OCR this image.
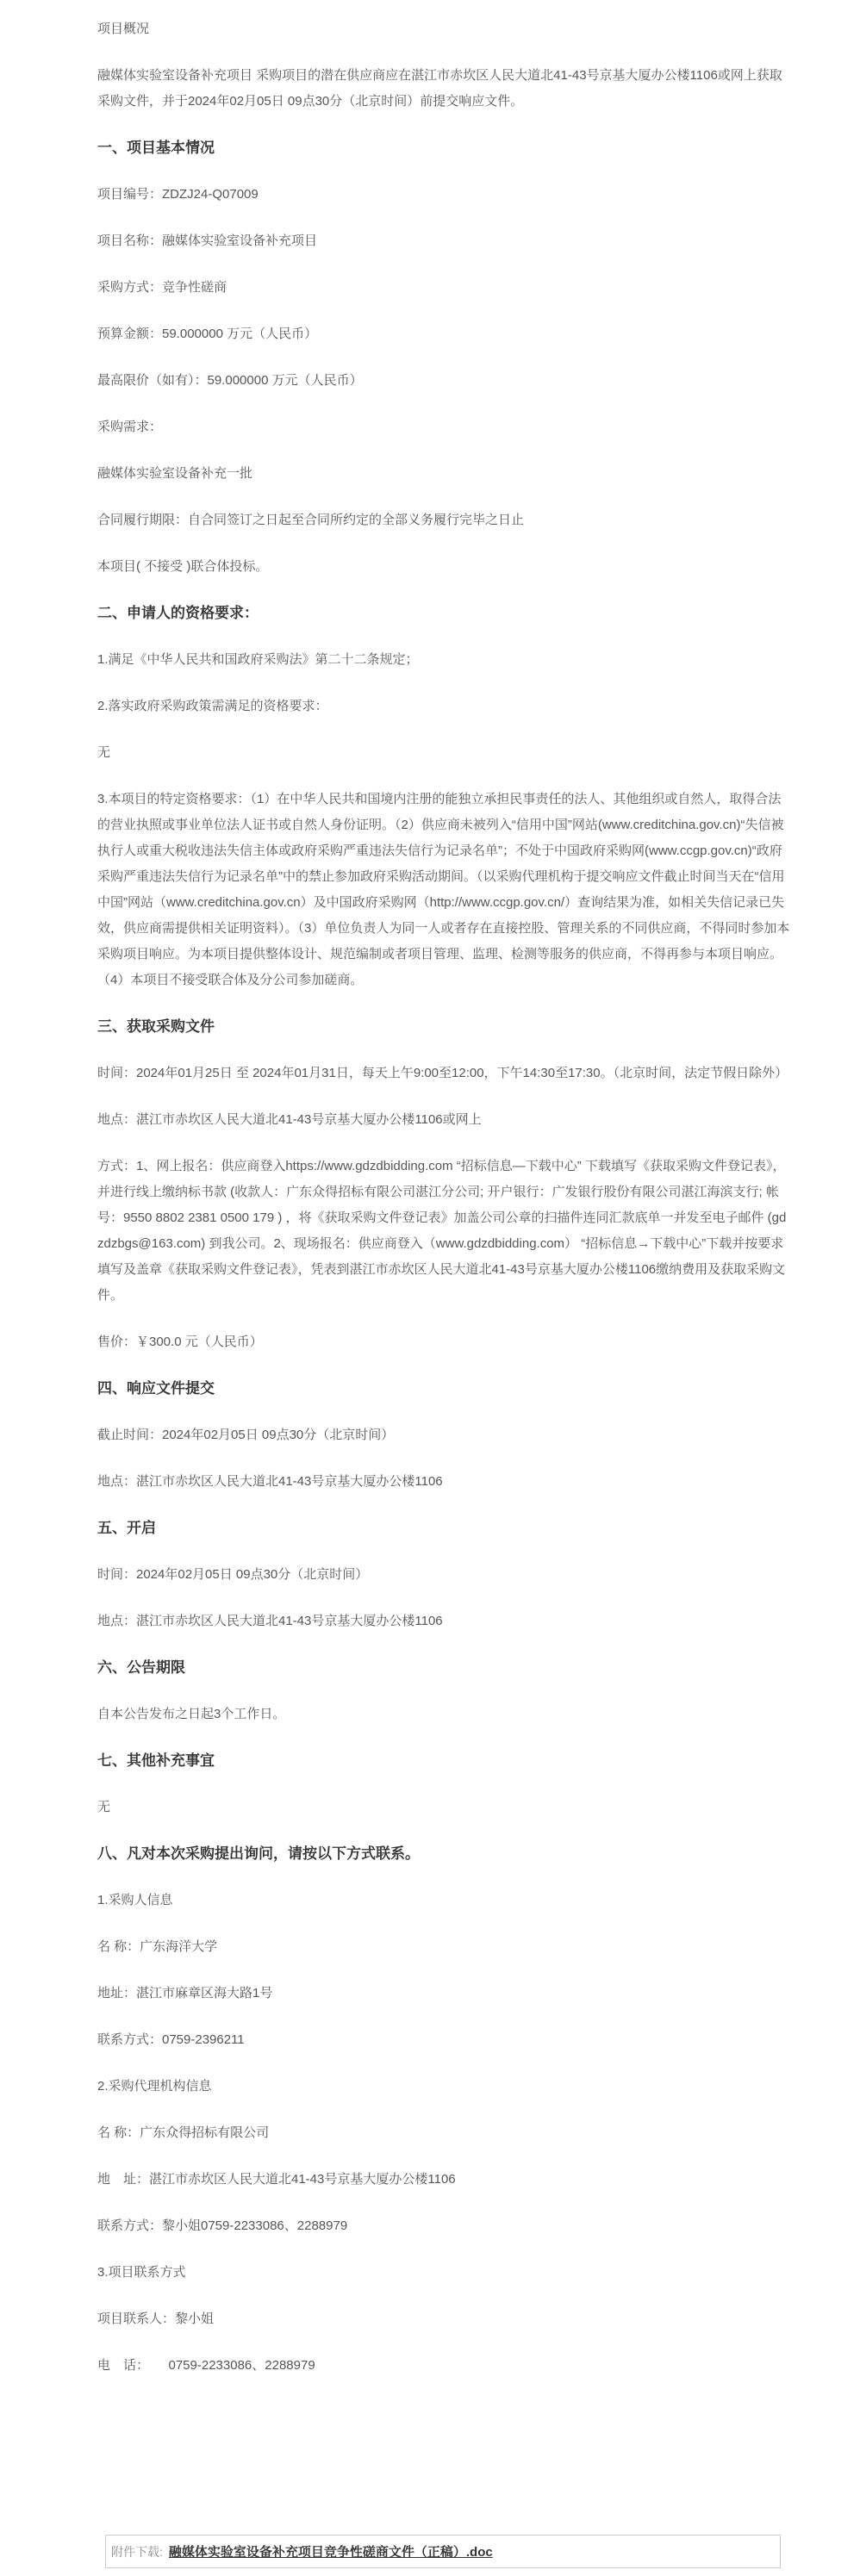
项目概况

融媒体实验室设备补充项目 采购项目的潜在供应商应在湛江市赤坎区人民大道北41-43号京基大厦办公楼1106或网上获取采购文件，并于2024年02月05日 09点30分（北京时间）前提交响应文件。

一、项目基本情况

项目编号：ZDZJ24-Q07009

项目名称：融媒体实验室设备补充项目

采购方式：竞争性磋商

预算金额：59.000000 万元（人民币）

最高限价（如有）：59.000000 万元（人民币）

采购需求：

融媒体实验室设备补充一批

合同履行期限：自合同签订之日起至合同所约定的全部义务履行完毕之日止

本项目( 不接受 )联合体投标。

二、申请人的资格要求：

1.满足《中华人民共和国政府采购法》第二十二条规定；

2.落实政府采购政策需满足的资格要求：

无

3.本项目的特定资格要求：（1）在中华人民共和国境内注册的能独立承担民事责任的法人、其他组织或自然人，取得合法的营业执照或事业单位法人证书或自然人身份证明。（2）供应商未被列入“信用中国”网站(www.creditchina.gov.cn)“失信被执行人或重大税收违法失信主体或政府采购严重违法失信行为记录名单”；不处于中国政府采购网(www.ccgp.gov.cn)“政府采购严重违法失信行为记录名单”中的禁止参加政府采购活动期间。（以采购代理机构于提交响应文件截止时间当天在“信用中国”网站（www.creditchina.gov.cn）及中国政府采购网（http://www.ccgp.gov.cn/）查询结果为准，如相关失信记录已失效，供应商需提供相关证明资料）。（3）单位负责人为同一人或者存在直接控股、管理关系的不同供应商，不得同时参加本采购项目响应。为本项目提供整体设计、规范编制或者项目管理、监理、检测等服务的供应商，不得再参与本项目响应。（4）本项目不接受联合体及分公司参加磋商。

三、获取采购文件

时间：2024年01月25日 至 2024年01月31日，每天上午9:00至12:00，下午14:30至17:30。（北京时间，法定节假日除外）

地点：湛江市赤坎区人民大道北41-43号京基大厦办公楼1106或网上

方式：1、网上报名：供应商登入https://www.gdzdbidding.com “招标信息—下载中心” 下载填写《获取采购文件登记表》，并进行线上缴纳标书款 (收款人：广东众得招标有限公司湛江分公司; 开户银行：广发银行股份有限公司湛江海滨支行; 帐号：9550 8802 2381 0500 179 ) ，将《获取采购文件登记表》加盖公司公章的扫描件连同汇款底单一并发至电子邮件 (gdzdzbgs@163.com) 到我公司。2、现场报名：供应商登入（www.gdzdbidding.com） “招标信息→下载中心”下载并按要求填写及盖章《获取采购文件登记表》，凭表到湛江市赤坎区人民大道北41-43号京基大厦办公楼1106缴纳费用及获取采购文件。

售价：￥300.0 元（人民币）

四、响应文件提交

截止时间：2024年02月05日 09点30分（北京时间）

地点：湛江市赤坎区人民大道北41-43号京基大厦办公楼1106

五、开启

时间：2024年02月05日 09点30分（北京时间）

地点：湛江市赤坎区人民大道北41-43号京基大厦办公楼1106

六、公告期限

自本公告发布之日起3个工作日。

七、其他补充事宜

无

八、凡对本次采购提出询问，请按以下方式联系。

1.采购人信息

名 称：广东海洋大学

地址：湛江市麻章区海大路1号

联系方式：0759-2396211

2.采购代理机构信息

名 称：广东众得招标有限公司

地　址：湛江市赤坎区人民大道北41-43号京基大厦办公楼1106

联系方式：黎小姐0759-2233086、2288979

3.项目联系方式

项目联系人：黎小姐

电　话：　　0759-2233086、2288979

附件下载: 融媒体实验室设备补充项目竞争性磋商文件（正稿）.doc
